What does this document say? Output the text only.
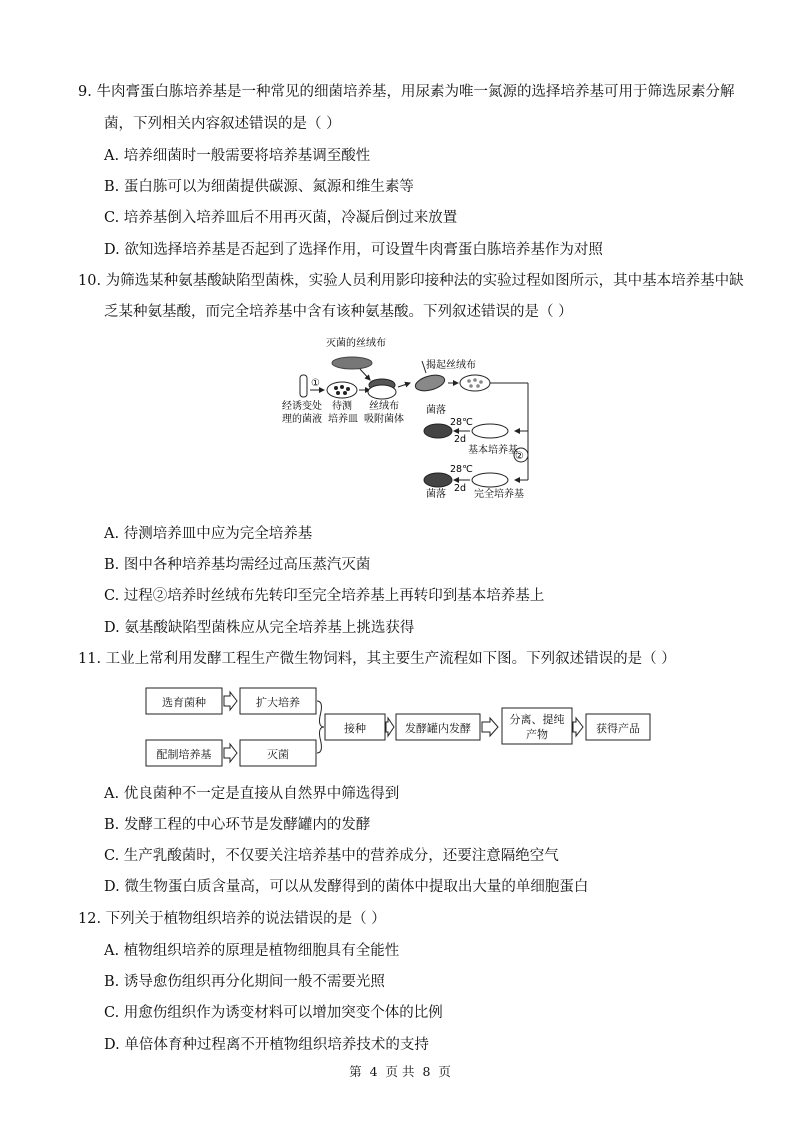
9. 牛肉膏蛋白胨培养基是一种常见的细菌培养基，用尿素为唯一氮源的选择培养基可用于筛选尿素分解
菌，下列相关内容叙述错误的是（ ）
A. 培养细菌时一般需要将培养基调至酸性
B. 蛋白胨可以为细菌提供碳源、氮源和维生素等
C. 培养基倒入培养皿后不用再灭菌，冷凝后倒过来放置
D. 欲知选择培养基是否起到了选择作用，可设置牛肉膏蛋白胨培养基作为对照
10. 为筛选某种氨基酸缺陷型菌株，实验人员利用影印接种法的实验过程如图所示，其中基本培养基中缺
乏某种氨基酸，而完全培养基中含有该种氨基酸。下列叙述错误的是（ ）
灭菌的丝绒布
①
经诱变处
理的菌液
待测
培养皿
丝绒布
吸附菌体
揭起丝绒布
②
菌落
28℃
2d
基本培养基
28℃
2d
菌落	完全培养基
A. 待测培养皿中应为完全培养基
B. 图中各种培养基均需经过高压蒸汽灭菌
C. 过程②培养时丝绒布先转印至完全培养基上再转印到基本培养基上
D. 氨基酸缺陷型菌株应从完全培养基上挑选获得
11. 工业上常利用发酵工程生产微生物饲料，其主要生产流程如下图。下列叙述错误的是（ ）
选育菌种	扩大培养
配制培养基	灭菌
接种	发酵罐内发酵
分离、提纯
产物	获得产品
A. 优良菌种不一定是直接从自然界中筛选得到
B. 发酵工程的中心环节是发酵罐内的发酵
C. 生产乳酸菌时，不仅要关注培养基中的营养成分，还要注意隔绝空气
D. 微生物蛋白质含量高，可以从发酵得到的菌体中提取出大量的单细胞蛋白
12. 下列关于植物组织培养的说法错误的是（ ）
A. 植物组织培养的原理是植物细胞具有全能性
B. 诱导愈伤组织再分化期间一般不需要光照
C. 用愈伤组织作为诱变材料可以增加突变个体的比例
D. 单倍体育种过程离不开植物组织培养技术的支持
第 4 页 共 8 页
